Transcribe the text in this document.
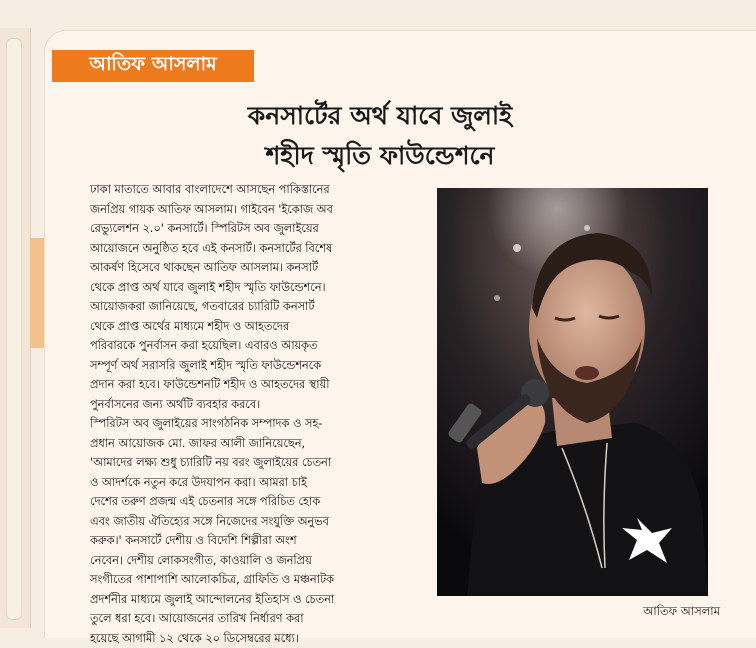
আতিফ আসলাম
কনসার্টের অর্থ যাবে জুলাই
শহীদ স্মৃতি ফাউন্ডেশনে
ঢাকা মাতাতে আবার বাংলাদেশে আসছেন পাকিস্তানের
জনপ্রিয় গায়ক আতিফ আসলাম। গাইবেন 'ইকোজ অব
রেভ্যুলেশন ২.০' কনসার্টে। স্পিরিটস অব জুলাইয়ের
আয়োজনে অনুষ্ঠিত হবে এই কনসার্ট। কনসার্টের বিশেষ
আকর্ষণ হিসেবে থাকছেন আতিফ আসলাম। কনসার্ট
থেকে প্রাপ্ত অর্থ যাবে জুলাই শহীদ স্মৃতি ফাউন্ডেশনে।
আয়োজকরা জানিয়েছে, গতবারের চ্যারিটি কনসার্ট
থেকে প্রাপ্ত অর্থের মাধ্যমে শহীদ ও আহতদের
পরিবারকে পুনর্বাসন করা হয়েছিল। এবারও আয়কৃত
সম্পূর্ণ অর্থ সরাসরি জুলাই শহীদ স্মৃতি ফাউন্ডেশনকে
প্রদান করা হবে। ফাউন্ডেশনটি শহীদ ও আহতদের স্থায়ী
পুনর্বাসনের জন্য অর্থটি ব্যবহার করবে।
স্পিরিটস অব জুলাইয়ের সাংগঠনিক সম্পাদক ও সহ-
প্রধান আয়োজক মো. জাফর আলী জানিয়েছেন,
'আমাদের লক্ষ্য শুধু চ্যারিটি নয় বরং জুলাইয়ের চেতনা
ও আদর্শকে নতুন করে উদযাপন করা। আমরা চাই
দেশের তরুণ প্রজন্ম এই চেতনার সঙ্গে পরিচিত হোক
এবং জাতীয় ঐতিহ্যের সঙ্গে নিজেদের সংযুক্তি অনুভব
করুক।' কনসার্টে দেশীয় ও বিদেশি শিল্পীরা অংশ
নেবেন। দেশীয় লোকসংগীত, কাওয়ালি ও জনপ্রিয়
সংগীতের পাশাপাশি আলোকচিত্র, গ্রাফিতি ও মঞ্চনাটক
প্রদর্শনীর মাধ্যমে জুলাই আন্দোলনের ইতিহাস ও চেতনা
তুলে ধরা হবে। আয়োজনের তারিখ নির্ধারণ করা
হয়েছে আগামী ১২ থেকে ২০ ডিসেম্বরের মধ্যে।
আতিফ আসলাম
